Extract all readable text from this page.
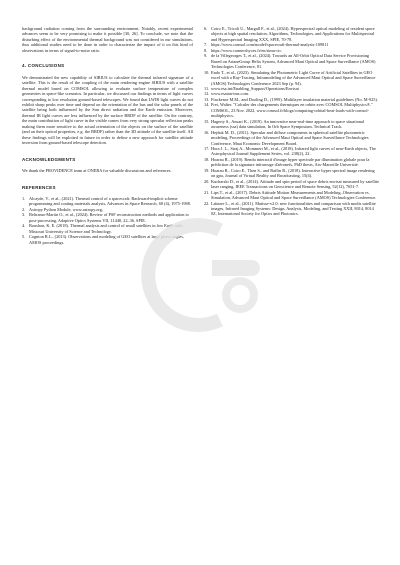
background radiation coming from the surrounding environment. Notably, recent experimental advances seem to be very promising to make it possible [30, 26]. To conclude, we note that the disturbing effect of the environmental thermal background was not considered in our simulations, thus additional studies need to be done in order to characterize the impact of it on this kind of observations in terms of signal-to-noise ratio.

4. CONCLUSIONS

We demonstrated the new capability of SIRIUS to calculate the thermal infrared signature of a satellite. This is the result of the coupling of the main rendering engine SIRIUS with a satellite thermal model based on COMSOL allowing to evaluate surface temperature of complex geometries in space-like scenarios. In particular, we discussed our findings in terms of light curves corresponding to low resolution ground-based telescopes. We found that LWIR light curves do not exhibit sharp peaks over time and depend on the orientation of the bus and the solar panels of the satellite being both influenced by the Sun direct radiation and the Earth emission. Moreover, thermal IR light curves are less influenced by the surface BRDF of the satellite. On the contrary, the main contribution of light curve in the visible comes from very strong specular reflection peaks making them more sensitive to the actual orientation of the objects on the surface of the satellite (and on their optical properties, e.g. the BRDF) rather than the 3D attitude of the satellite itself. All these findings will be exploited in future in order to define a new approach for satellite attitude inversion from ground-based telescope detection.

ACKNOWLEDGMENTS

We thank the PROVIDENCE team at ONERA for valuable discussions and references.

REFERENCES

1. Alcayde, V., et al., (2021). Thermal control of a spacecraft: Backward-implicit scheme programming and coating materials analysis, Advances in Space Research, 68 (4), 1975-1988.
2. Astropy Python Module, www.astropy.org,
3. Beltramo-Martin O., et al., (2024). Review of PSF reconstruction methods and application to post-processing, Adaptive Optics Systems VII, 11448, 22–36, SPIE.
4. Boushon, K. E. (2018). Thermal analysis and control of small satellites in low Earth orbit. Missouri University of Science and Technology.
5. Cognion R.L., (2013). Observations and modeling of GEO satellites at large phase angles, AMOS proceedings.
6. Coiro E., Tricoli U., Margall F., et al., (2024). Hyperspectral optical modeling of resident space objects at high spatial resolution, Algorithms, Technologies, and Applications for Multispectral and Hyperspectral Imaging XXX, SPIE, 70-78.
7. https://www.comsol.com/model/spacecraft-thermal-analysis-109811
8. https://www.connecthyces.fr/en/simu-cic
9. de la Villegeorges T., et al., (2024). Towards an All-Orbit Optical Data Service Provisioning Based on ArianeGroup Helix System, Advanced Maui Optical and Space Surveillance (AMOS) Technologies Conference, 81.
10. Endo T., et al., (2023). Simulating the Photometric Light Curve of Artificial Satellites in GEO excel with a Ray-Tracing, Inframodeling of the Advanced Maui Optical and Space Surveillance (AMOS) Technologies Conference 2023 Sep (p. 94).
11. www.esa.int/Enabling_Support/Operations/Envisat
12. www.esatan-tms.com.
13. Finckenor M.M., and Dooling D., (1999). Multilayer insulation material guidelines (No. M-925).
14. Frei, Walter. "Calculer des chargements thermiques en orbite avec COMSOL Multiphysics®." COMSOL, 23 Nov. 2022, www.comsol.fr/blogs/computing-orbital-heat-loads-with-comsol-multiphysics.
15. Hagerty S., Ansari K., (2019). An innovative near-real-time approach to space situational awareness (ssa) data simulation, In Orb Space Symposium, Technical Track.
16. Hejduk M. D., (2011). Specular and diffuse components in spherical satellite photometric modeling, Proceedings of the Advanced Maui Optical and Space Surveillance Technologies Conference, Maui Economic Development Board.
17. Hora J. L., Siraj A., Mommert M., et al., (2018). Infrared light curves of near-Earth objects, The Astrophysical Journal Supplement Series, vol. 238(2), 22.
18. Hoarau R., (2019). Rendu interactif d'image hyper spectrale par illumination globale pour la prédiction de la signature infrarouge d'aéronefs, PhD thesis, Aix-Marseille Université.
19. Hoarau R., Coiro E., Then S., and Raffin R., (2018). Interactive hyper spectral image rendering on gpu, Journal of Virtual Reality and Broadcasting, 15(4).
20. Kucharski D., et al., (2014). Attitude and spin period of space debris envisat measured by satellite laser ranging, IEEE Transactions on Geoscience and Remote Sensing, 52(12), 7651-7.
21. Lips T., et al., (2017). Debris Attitude Motion Measurements and Modeling–Observation vs. Simulation, Advanced Maui Optical and Space Surveillance (AMOS) Technologies Conference.
22. Labarre L., et al., (2011). Matisse-v2.0: new functionalities and comparison with modis satellite images, Infrared Imaging Systems: Design, Analysis, Modeling, and Testing XXII, 8014, 8014 0Z, International Society for Optics and Photonics.
